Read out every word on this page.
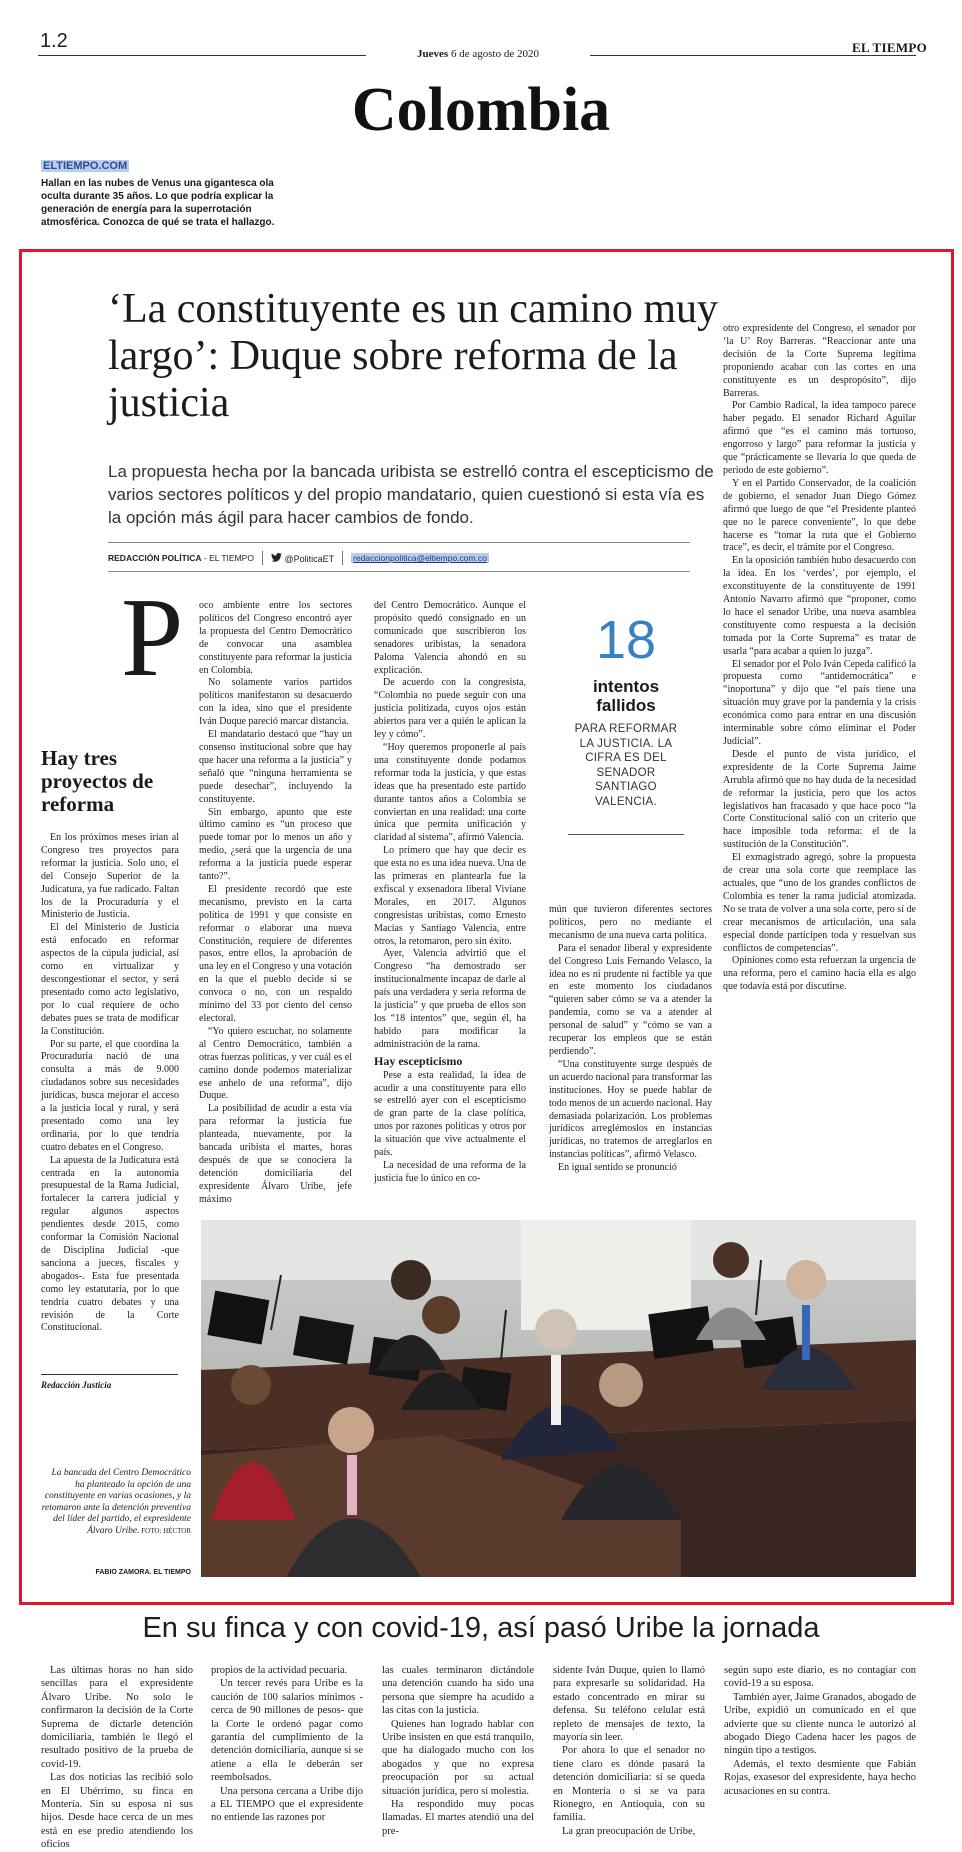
1.2
Jueves 6 de agosto de 2020	EL TIEMPO
Colombia
ELTIEMPO.COM
Hallan en las nubes de Venus una gigantesca ola oculta durante 35 años. Lo que podría explicar la generación de energía para la superrotación atmosférica. Conozca de qué se trata el hallazgo.
‘La constituyente es un camino muy largo’: Duque sobre reforma de la justicia
La propuesta hecha por la bancada uribista se estrelló contra el escepticismo de varios sectores políticos y del propio mandatario, quien cuestionó si esta vía es la opción más ágil para hacer cambios de fondo.
REDACCIÓN POLÍTICA - EL TIEMPO	@PoliticaET redaccionpolitica@eltiempo.com.co
Hay tres proyectos de reforma

En los próximos meses irían al Congreso tres proyectos para reformar la justicia. Solo uno, el del Consejo Superior de la Judicatura, ya fue radicado. Faltan los de la Procuraduría y el Ministerio de Justicia.

El del Ministerio de Justicia está enfocado en reformar aspectos de la cúpula judicial, así como en virtualizar y descongestionar el sector, y será presentado como acto legislativo, por lo cual requiere de ocho debates pues se trata de modificar la Constitución.

Por su parte, el que coordina la Procuraduría nació de una consulta a más de 9.000 ciudadanos sobre sus necesidades jurídicas, busca mejorar el acceso a la justicia local y rural, y será presentado como una ley ordinaria, por lo que tendría cuatro debates en el Congreso.

La apuesta de la Judicatura está centrada en la autonomía presupuestal de la Rama Judicial, fortalecer la carrera judicial y regular algunos aspectos pendientes desde 2015, como conformar la Comisión Nacional de Disciplina Judicial -que sanciona a jueces, fiscales y abogados-. Esta fue presentada como ley estatutaria, por lo que tendría cuatro debates y una revisión de la Corte Constitucional.

Redacción Justicia
P oco ambiente entre los sectores políticos del Congreso encontró ayer la propuesta del Centro Democrático de convocar una asamblea constituyente para reformar la justicia en Colombia.

No solamente varios partidos políticos manifestaron su desacuerdo con la idea, sino que el presidente Iván Duque pareció marcar distancia.

El mandatario destacó que “hay un consenso institucional sobre que hay que hacer una reforma a la justicia” y señaló que “ninguna herramienta se puede desechar”, incluyendo la constituyente.

Sin embargo, apunto que este último camino es “un proceso que puede tomar por lo menos un año y medio, ¿será que la urgencia de una reforma a la justicia puede esperar tanto?”.

El presidente recordó que este mecanismo, previsto en la carta política de 1991 y que consiste en reformar o elaborar una nueva Constitución, requiere de diferentes pasos, entre ellos, la aprobación de una ley en el Congreso y una votación en la que el pueblo decide si se convoca o no, con un respaldo mínimo del 33 por ciento del censo electoral.

“Yo quiero escuchar, no solamente al Centro Democrático, también a otras fuerzas políticas, y ver cuál es el camino donde podemos materializar ese anhelo de una reforma”, dijo Duque.

La posibilidad de acudir a esta vía para reformar la justicia fue planteada, nuevamente, por la bancada uribista el martes, horas después de que se conociera la detención domiciliaria del expresidente Álvaro Uribe, jefe máximo

del Centro Democrático. Aunque el propósito quedó consignado en un comunicado que suscribieron los senadores uribistas, la senadora Paloma Valencia ahondó en su explicación.

De acuerdo con la congresista, “Colombia no puede seguir con una justicia politizada, cuyos ojos están abiertos para ver a quién le aplican la ley y cómo”.

“Hoy queremos proponerle al país una constituyente donde podamos reformar toda la justicia, y que estas ideas que ha presentado este partido durante tantos años a Colombia se conviertan en una realidad: una corte única que permita unificación y claridad al sistema”, afirmó Valencia.

Lo primero que hay que decir es que esta no es una idea nueva. Una de las primeras en plantearla fue la exfiscal y exsenadora liberal Viviane Morales, en 2017. Algunos congresistas uribistas, como Ernesto Macías y Santiago Valencia, entre otros, la retomaron, pero sin éxito.

Ayer, Valencia advirtió que el Congreso “ha demostrado ser institucionalmente incapaz de darle al país una verdadera y seria reforma de la justicia” y que prueba de ellos son los “18 intentos” que, según él, ha habido para modificar la administración de la rama.

Hay escepticismo

Pese a esta realidad, la idea de acudir a una constituyente para ello se estrelló ayer con el escepticismo de gran parte de la clase política, unos por razones políticas y otros por la situación que vive actualmente el país.

La necesidad de una reforma de la justicia fue lo único en co-

18
intentos fallidos
PARA REFORMAR LA JUSTICIA. LA CIFRA ES DEL SENADOR SANTIAGO VALENCIA.

mún que tuvieron diferentes sectores políticos, pero no mediante el mecanismo de una nueva carta política.

Para el senador liberal y expresidente del Congreso Luis Fernando Velasco, la idea no es ni prudente ni factible ya que en este momento los ciudadanos “quieren saber cómo se va a atender la pandemia, como se va a atender al personal de salud” y “cómo se van a recuperar los empleos que se están perdiendo”.

“Una constituyente surge después de un acuerdo nacional para transformar las instituciones. Hoy se puede hablar de todo menos de un acuerdo nacional. Hay demasiada polarización. Los problemas jurídicos arreglémoslos en instancias jurídicas, no tratemos de arreglarlos en instancias políticas”, afirmó Velasco.

En igual sentido se pronunció

otro expresidente del Congreso, el senador por ‘la U’ Roy Barreras. “Reaccionar ante una decisión de la Corte Suprema legítima proponiendo acabar con las cortes en una constituyente es un despropósito”, dijo Barreras.

Por Cambio Radical, la idea tampoco parece haber pegado. El senador Richard Aguilar afirmó que “es el camino más tortuoso, engorroso y largo” para reformar la justicia y que “prácticamente se llevaría lo que queda de periodo de este gobierno”.

Y en el Partido Conservador, de la coalición de gobierno, el senador Juan Diego Gómez afirmó que luego de que “el Presidente planteó que no le parece conveniente”, lo que debe hacerse es “tomar la ruta que el Gobierno trace”, es decir, el trámite por el Congreso.

En la oposición también hubo desacuerdo con la idea. En los ‘verdes’, por ejemplo, el exconstituyente de la constituyente de 1991 Antonio Navarro afirmó que “proponer, como lo hace el senador Uribe, una nueva asamblea constituyente como respuesta a la decisión tomada por la Corte Suprema” es tratar de usarla “para acabar a quien lo juzga”.

El senador por el Polo Iván Cepeda calificó la propuesta como “antidemocrática” e “inoportuna” y dijo que “el país tiene una situación muy grave por la pandemia y la crisis económica como para entrar en una discusión interminable sobre cómo eliminar el Poder Judicial”.

Desde el punto de vista jurídico, el expresidente de la Corte Suprema Jaime Arrubla afirmó que no hay duda de la necesidad de reformar la justicia, pero que los actos legislativos han fracasado y que hace poco “la Corte Constitucional salió con un criterio que hace imposible toda reforma: el de la sustitución de la Constitución”.

El exmagistrado agregó, sobre la propuesta de crear una sola corte que reemplace las actuales, que “uno de los grandes conflictos de Colombia es tener la rama judicial atomizada. No se trata de volver a una sola corte, pero sí de crear mecanismos de articulación, una sala especial donde participen toda y resuelvan sus conflictos de competencias”.

Opiniones como esta refuerzan la urgencia de una reforma, pero el camino hacia ella es algo que todavía está por discutirse.

La bancada del Centro Democrático ha planteado la opción de una constituyente en varias ocasiones, y la retomaron ante la detención preventiva del líder del partido, el expresidente Álvaro Uribe. FOTO: HÉCTOR
FABIO ZAMORA. EL TIEMPO
En su finca y con covid-19, así pasó Uribe la jornada

Las últimas horas no han sido sencillas para el expresidente Álvaro Uribe. No solo le confirmaron la decisión de la Corte Suprema de dictarle detención domiciliaria, también le llegó el resultado positivo de la prueba de covid-19.

Las dos noticias las recibió solo en El Ubérrimo, su finca en Montería. Sin su esposa ni sus hijos. Desde hace cerca de un mes está en ese predio atendiendo los oficios

propios de la actividad pecuaria.

Un tercer revés para Uribe es la caución de 100 salarios mínimos -cerca de 90 millones de pesos- que la Corte le ordenó pagar como garantía del cumplimiento de la detención domiciliaria, aunque si se atiene a ella le deberán ser reembolsados.

Una persona cercana a Uribe dijo a EL TIEMPO que el expresidente no entiende las razones por

las cuales terminaron dictándole una detención cuando ha sido una persona que siempre ha acudido a las citas con la justicia.

Quienes han logrado hablar con Uribe insisten en que está tranquilo, que ha dialogado mucho con los abogados y que no expresa preocupación por su actual situación jurídica, pero sí molestia.

Ha respondido muy pocas llamadas. El martes atendió una del pre-

sidente Iván Duque, quien lo llamó para expresarle su solidaridad. Ha estado concentrado en mirar su defensa. Su teléfono celular está repleto de mensajes de texto, la mayoría sin leer.

Por ahora lo que el senador no tiene claro es dónde pasará la detención domiciliaria: si se queda en Montería o si se va para Rionegro, en Antioquia, con su familia.

La gran preocupación de Uribe,

según supo este diario, es no contagiar con covid-19 a su esposa.

También ayer, Jaime Granados, abogado de Uribe, expidió un comunicado en el que advierte que su cliente nunca le autorizó al abogado Diego Cadena hacer les pagos de ningún tipo a testigos.

Además, el texto desmiente que Fabián Rojas, exasesor del expresidente, haya hecho acusaciones en su contra.
